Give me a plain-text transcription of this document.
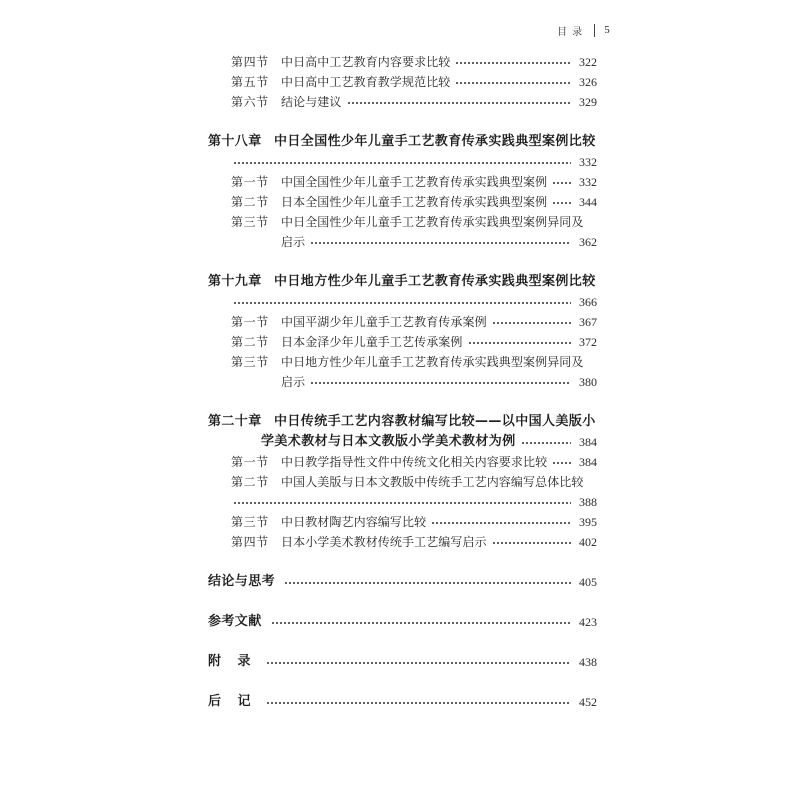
目 录 5
第四节	中日高中工艺教育内容要求比较	322
第五节	中日高中工艺教育教学规范比较	326
第六节	结论与建议	329
第十八章 中日全国性少年儿童手工艺教育传承实践典型案例比较
332
第一节	中国全国性少年儿童手工艺教育传承实践典型案例	332
第二节	日本全国性少年儿童手工艺教育传承实践典型案例	344
第三节	中日全国性少年儿童手工艺教育传承实践典型案例异同及
启示	362
第十九章 中日地方性少年儿童手工艺教育传承实践典型案例比较
366
第一节	中国平湖少年儿童手工艺教育传承案例	367
第二节	日本金泽少年儿童手工艺传承案例	372
第三节	中日地方性少年儿童手工艺教育传承实践典型案例异同及
启示	380
第二十章 中日传统手工艺内容教材编写比较——以中国人美版小
学美术教材与日本文教版小学美术教材为例	384
第一节	中日教学指导性文件中传统文化相关内容要求比较	384
第二节	中国人美版与日本文教版中传统手工艺内容编写总体比较
388
第三节	中日教材陶艺内容编写比较	395
第四节	日本小学美术教材传统手工艺编写启示	402
结论与思考	405
参考文献	423
附 录	438
后 记	452
